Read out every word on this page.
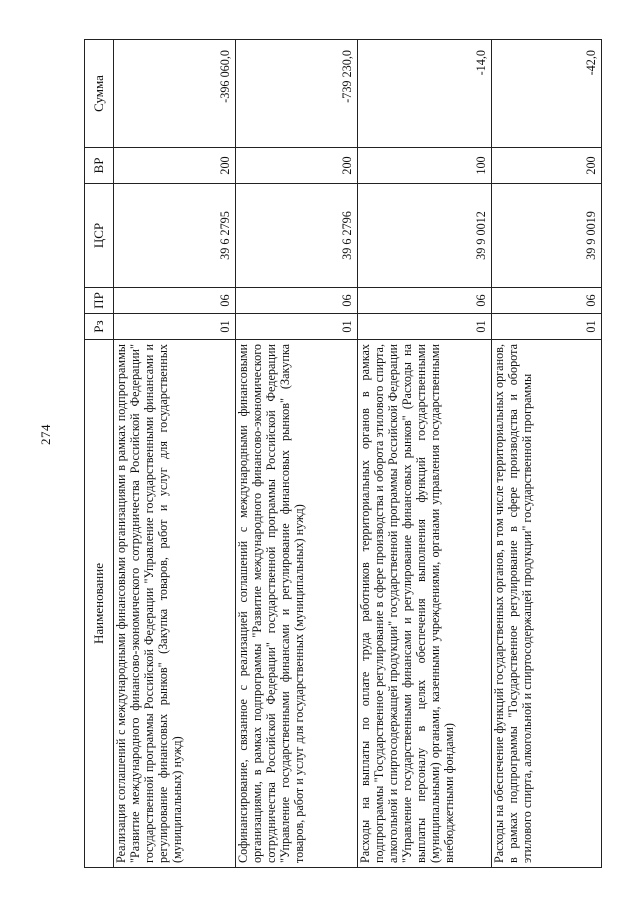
274
Наименование	Рз	ПР	ЦСР	ВР	Сумма
Реализация соглашений с международными финансовыми организациями в рамках подпрограммы "Развитие международного финансово-экономического сотрудничества Российской Федерации" государственной программы Российской Федерации "Управление государственными финансами и регулирование финансовых рынков" (Закупка товаров, работ и услуг для государственных (муниципальных) нужд)	01	06	39 6 2795	200	-396 060,0
Софинансирование, связанное с реализацией соглашений с международными финансовыми организациями, в рамках подпрограммы "Развитие международного финансово-экономического сотрудничества Российской Федерации" государственной программы Российской Федерации "Управление государственными финансами и регулирование финансовых рынков" (Закупка товаров, работ и услуг для государственных (муниципальных) нужд)	01	06	39 6 2796	200	-739 230,0
Расходы на выплаты по оплате труда работников территориальных органов в рамках подпрограммы "Государственное регулирование в сфере производства и оборота этилового спирта, алкогольной и спиртосодержащей продукции" государственной программы Российской Федерации "Управление государственными финансами и регулирование финансовых рынков" (Расходы на выплаты персоналу в целях обеспечения выполнения функций государственными (муниципальными) органами, казенными учреждениями, органами управления государственными внебюджетными фондами)	01	06	39 9 0012	100	-14,0
Расходы на обеспечение функций государственных органов, в том числе территориальных органов, в рамках подпрограммы "Государственное регулирование в сфере производства и оборота этилового спирта, алкогольной и спиртосодержащей продукции" государственной программы	01	06	39 9 0019	200	-42,0
